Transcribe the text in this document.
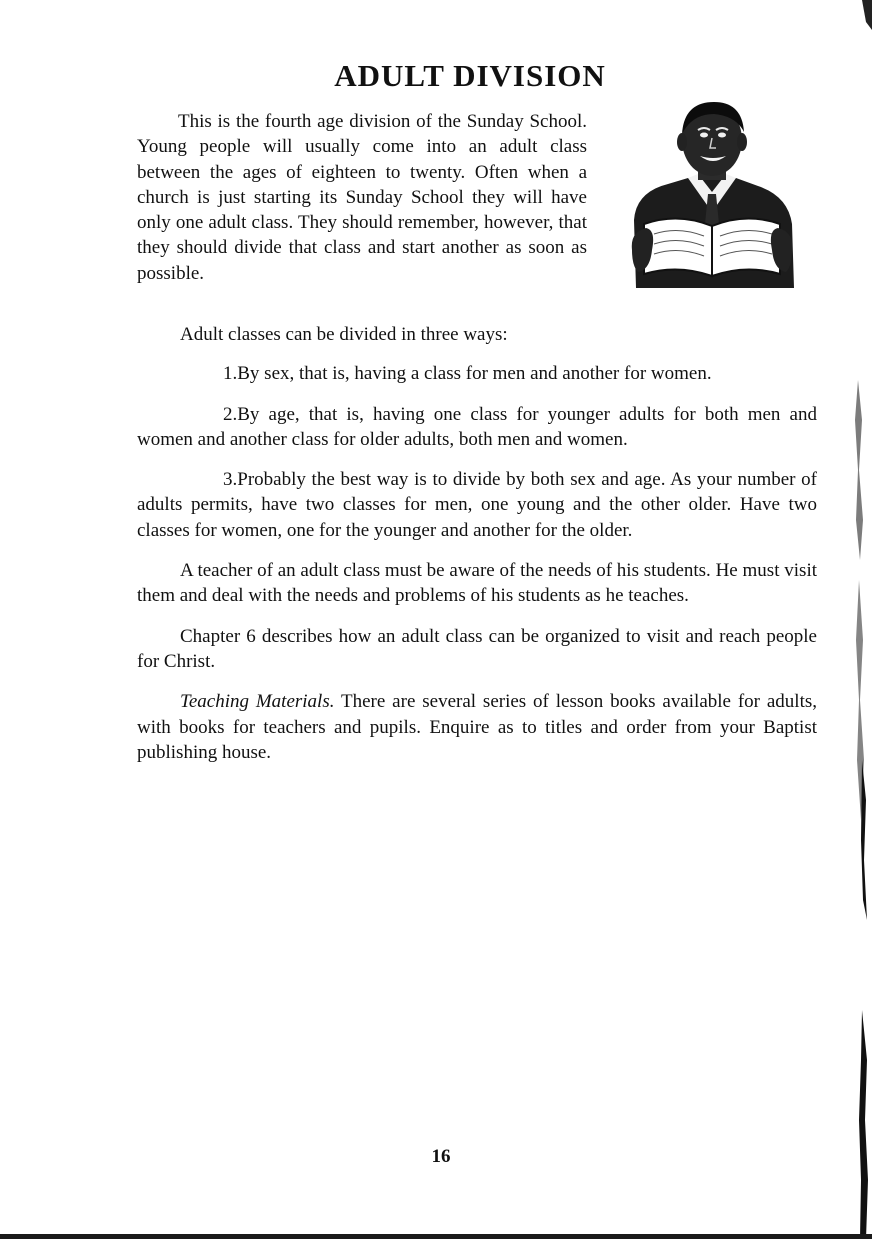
ADULT DIVISION

This is the fourth age division of the Sunday School. Young people will usually come into an adult class between the ages of eighteen to twenty. Often when a church is just starting its Sunday School they will have only one adult class. They should remember, however, that they should divide that class and start another as soon as possible.

Adult classes can be divided in three ways:

1.By sex, that is, having a class for men and another for women.

2.By age, that is, having one class for younger adults for both men and women and another class for older adults, both men and women.

3.Probably the best way is to divide by both sex and age. As your number of adults permits, have two classes for men, one young and the other older. Have two classes for women, one for the younger and another for the older.

A teacher of an adult class must be aware of the needs of his students. He must visit them and deal with the needs and problems of his students as he teaches.

Chapter 6 describes how an adult class can be organized to visit and reach people for Christ.

Teaching Materials. There are several series of lesson books available for adults, with books for teachers and pupils. Enquire as to titles and order from your Baptist publishing house.

16
